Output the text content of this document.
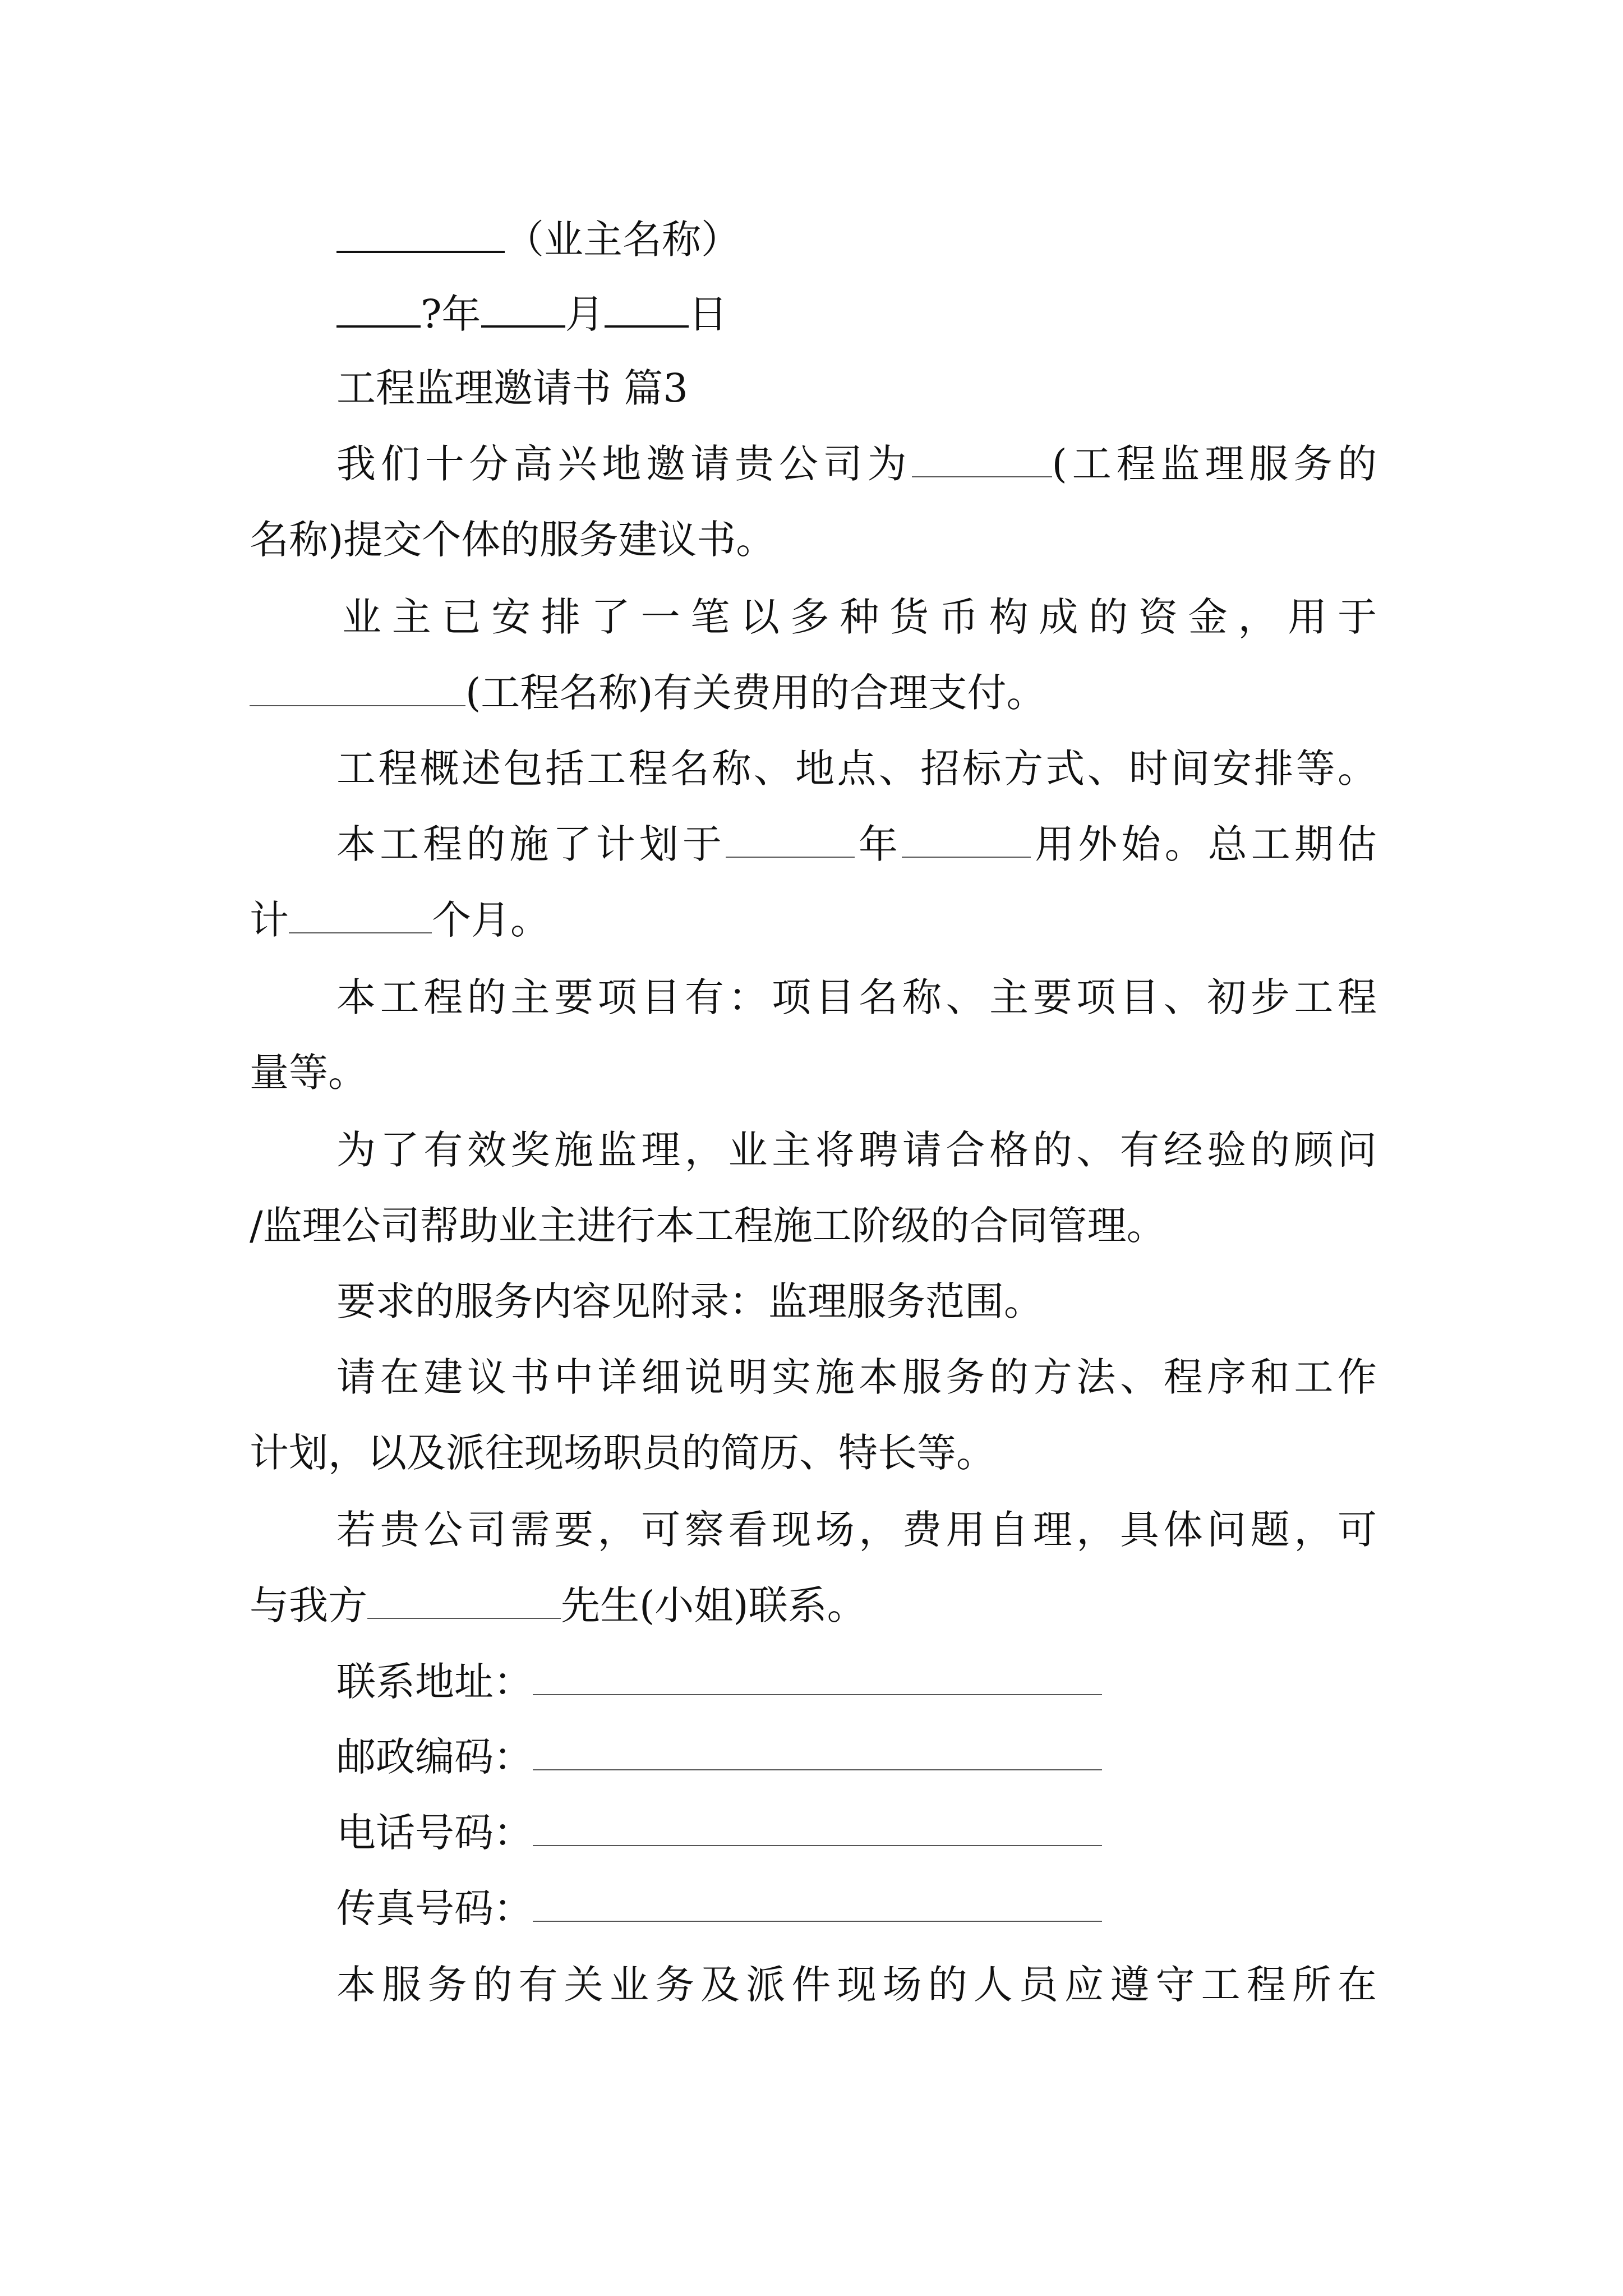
（业主名称）
?年 月 日
工程监理邀请书 篇3
我们十分高兴地邀请贵公司为	(工程监理服务的
名称)提交个体的服务建议书。
业主已安排了一笔以多种货币构成的资金，用于
(工程名称)有关费用的合理支付。
工程概述包括工程名称、地点、招标方式、时间安排等。
本工程的施了计划于	年	用外始。总工期估
计	个月。
本工程的主要项目有：项目名称、主要项目、初步工程
量等。
为了有效奖施监理，业主将聘请合格的、有经验的顾问
/监理公司帮助业主进行本工程施工阶级的合同管理。
要求的服务内容见附录：监理服务范围。
请在建议书中详细说明实施本服务的方法、程序和工作
计划，以及派往现场职员的简历、特长等。
若贵公司需要，可察看现场，费用自理，具体问题，可
与我方	先生(小姐)联系。
联系地址：
邮政编码：
电话号码：
传真号码：
本服务的有关业务及派件现场的人员应遵守工程所在
